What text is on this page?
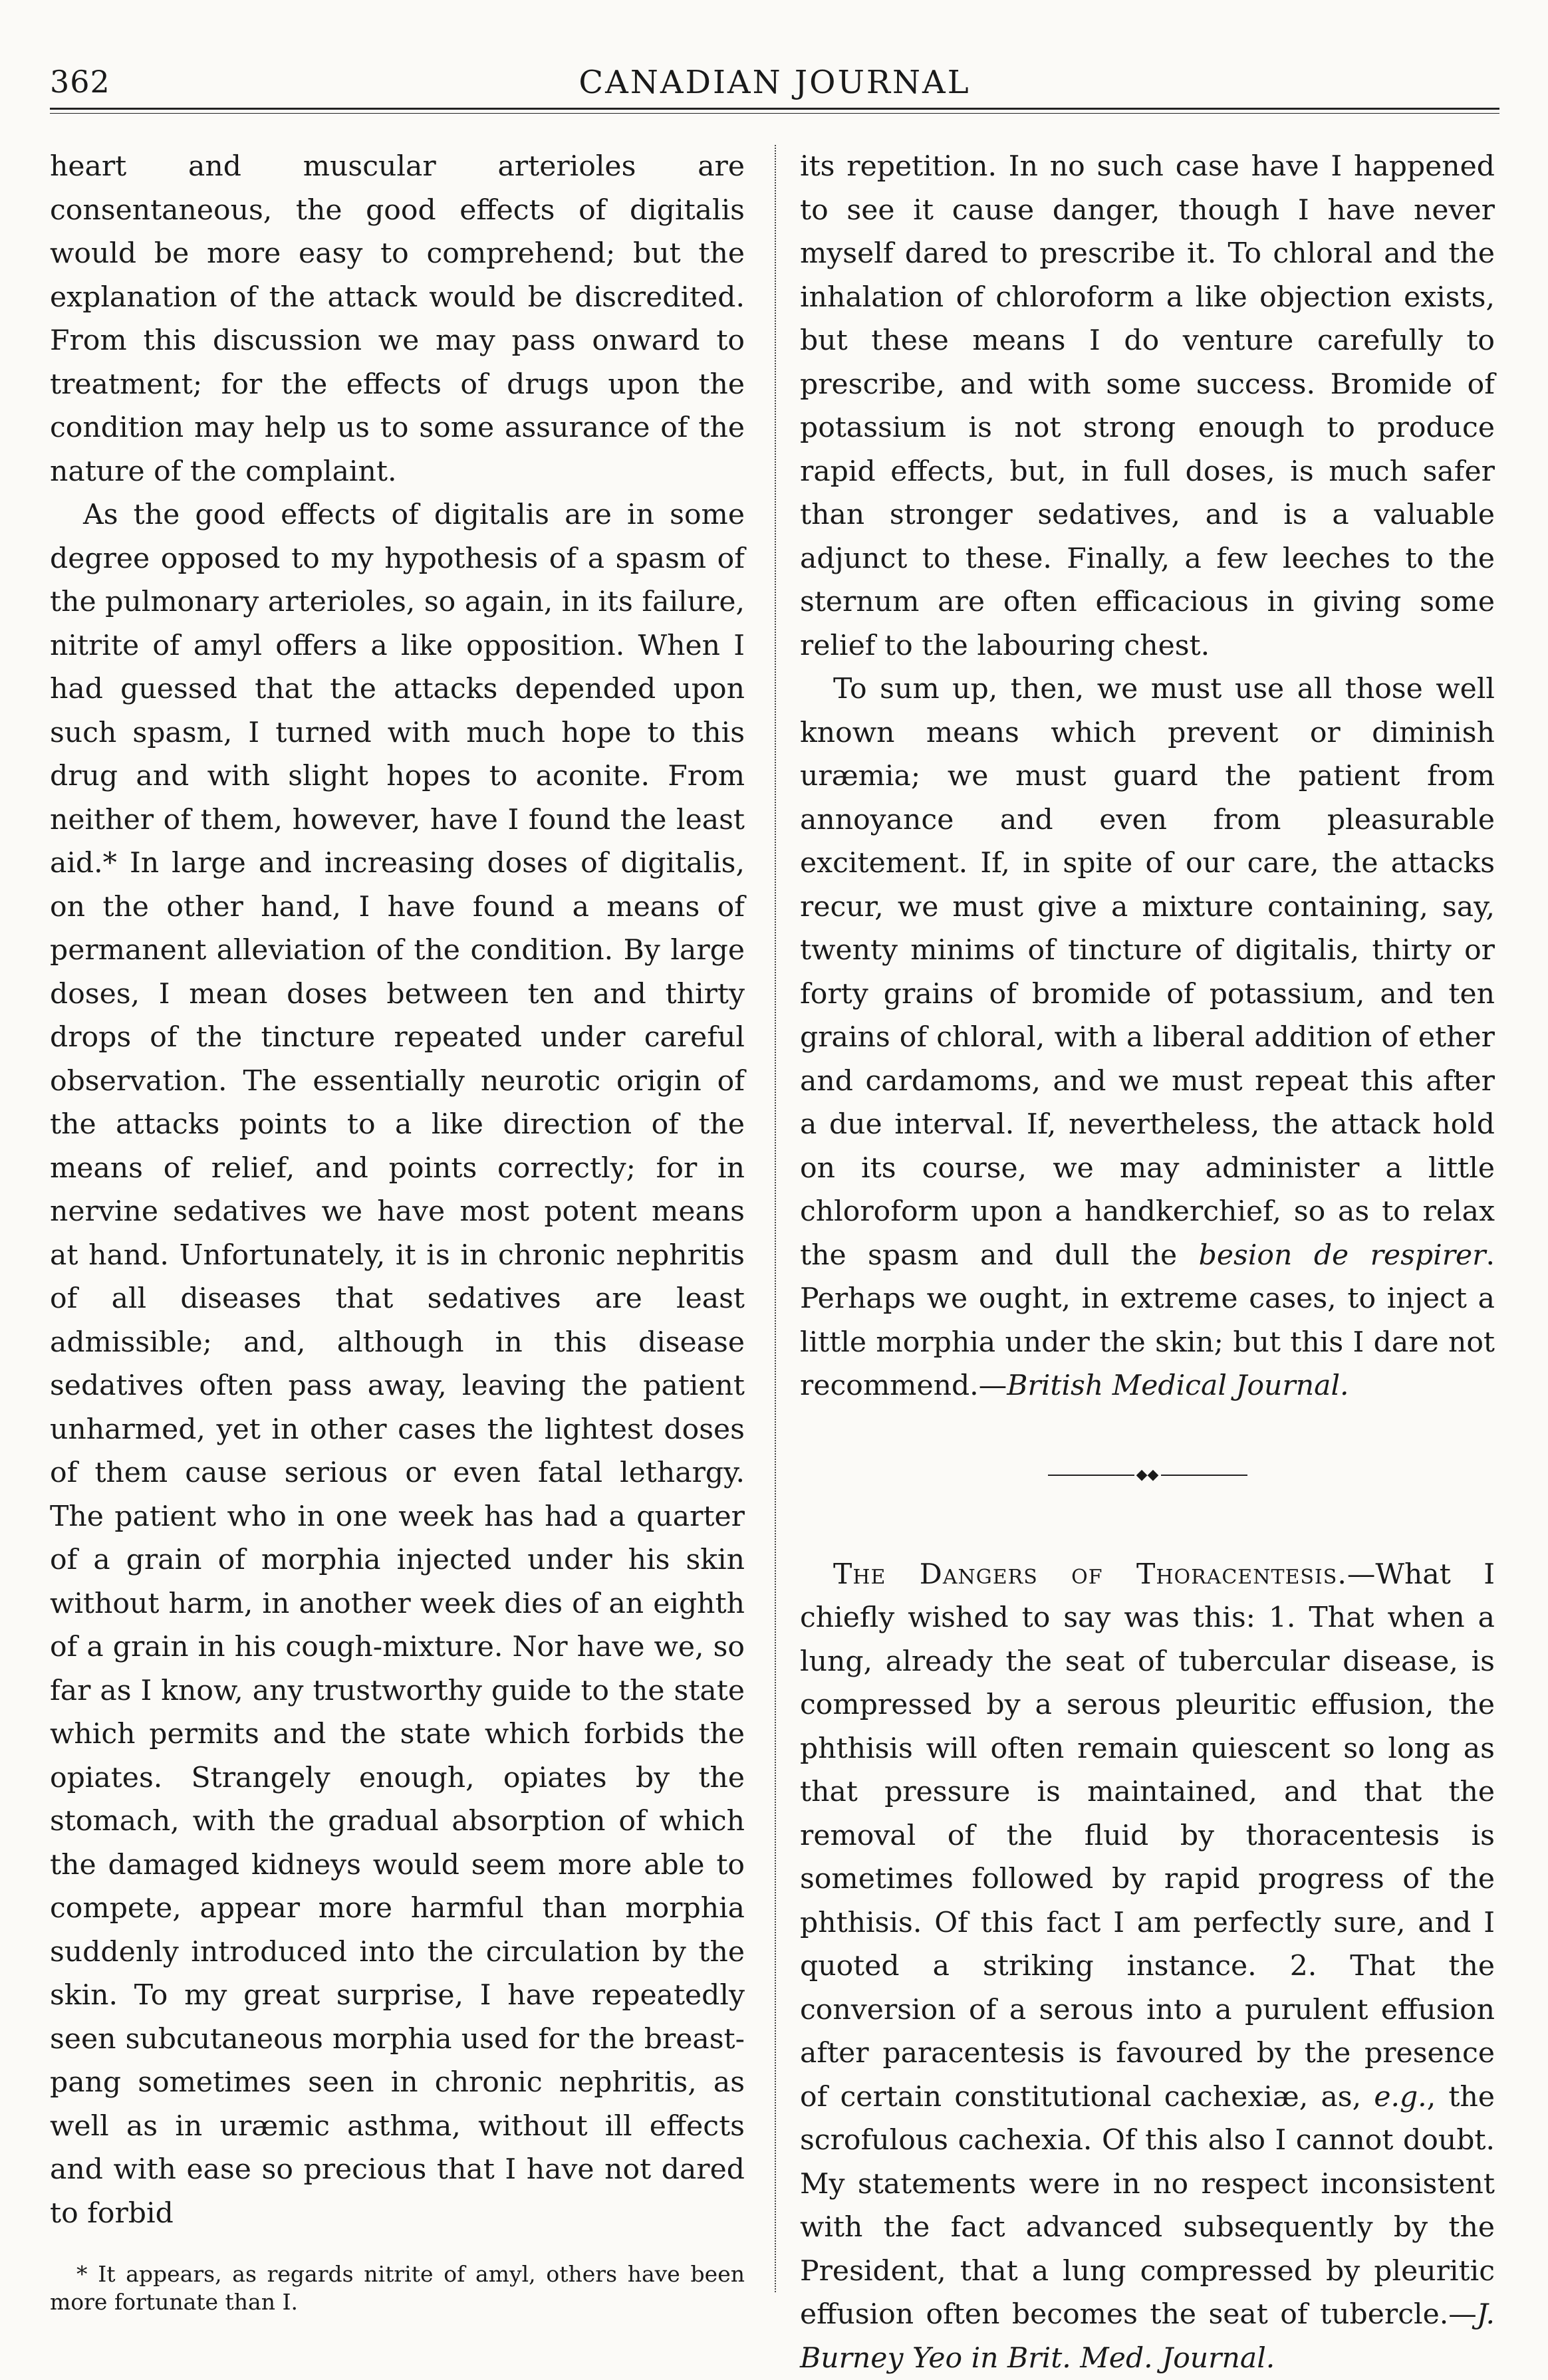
362	CANADIAN JOURNAL

heart and muscular arterioles are consentaneous, the good effects of digitalis would be more easy to comprehend; but the explanation of the attack would be discredited. From this discussion we may pass onward to treatment; for the effects of drugs upon the condition may help us to some assurance of the nature of the complaint.

As the good effects of digitalis are in some degree opposed to my hypothesis of a spasm of the pulmonary arterioles, so again, in its failure, nitrite of amyl offers a like opposition. When I had guessed that the attacks depended upon such spasm, I turned with much hope to this drug and with slight hopes to aconite. From neither of them, however, have I found the least aid.* In large and increasing doses of digitalis, on the other hand, I have found a means of permanent alleviation of the condition. By large doses, I mean doses between ten and thirty drops of the tincture repeated under careful observation. The essentially neurotic origin of the attacks points to a like direction of the means of relief, and points correctly; for in nervine sedatives we have most potent means at hand. Unfortunately, it is in chronic nephritis of all diseases that sedatives are least admissible; and, although in this disease sedatives often pass away, leaving the patient unharmed, yet in other cases the lightest doses of them cause serious or even fatal lethargy. The patient who in one week has had a quarter of a grain of morphia injected under his skin without harm, in another week dies of an eighth of a grain in his cough-mixture. Nor have we, so far as I know, any trustworthy guide to the state which permits and the state which forbids the opiates. Strangely enough, opiates by the stomach, with the gradual absorption of which the damaged kidneys would seem more able to compete, appear more harmful than morphia suddenly introduced into the circulation by the skin. To my great surprise, I have repeatedly seen subcutaneous morphia used for the breast-pang sometimes seen in chronic nephritis, as well as in uræmic asthma, without ill effects and with ease so precious that I have not dared to forbid

* It appears, as regards nitrite of amyl, others have been more fortunate than I.

its repetition. In no such case have I happened to see it cause danger, though I have never myself dared to prescribe it. To chloral and the inhalation of chloroform a like objection exists, but these means I do venture carefully to prescribe, and with some success. Bromide of potassium is not strong enough to produce rapid effects, but, in full doses, is much safer than stronger sedatives, and is a valuable adjunct to these. Finally, a few leeches to the sternum are often efficacious in giving some relief to the labouring chest.

To sum up, then, we must use all those well known means which prevent or diminish uræmia; we must guard the patient from annoyance and even from pleasurable excitement. If, in spite of our care, the attacks recur, we must give a mixture containing, say, twenty minims of tincture of digitalis, thirty or forty grains of bromide of potassium, and ten grains of chloral, with a liberal addition of ether and cardamoms, and we must repeat this after a due interval. If, nevertheless, the attack hold on its course, we may administer a little chloroform upon a handkerchief, so as to relax the spasm and dull the besion de respirer. Perhaps we ought, in extreme cases, to inject a little morphia under the skin; but this I dare not recommend.—British Medical Journal.

◆◆

The Dangers of Thoracentesis.—What I chiefly wished to say was this: 1. That when a lung, already the seat of tubercular disease, is compressed by a serous pleuritic effusion, the phthisis will often remain quiescent so long as that pressure is maintained, and that the removal of the fluid by thoracentesis is sometimes followed by rapid progress of the phthisis. Of this fact I am perfectly sure, and I quoted a striking instance. 2. That the conversion of a serous into a purulent effusion after paracentesis is favoured by the presence of certain constitutional cachexiæ, as, e.g., the scrofulous cachexia. Of this also I cannot doubt. My statements were in no respect inconsistent with the fact advanced subsequently by the President, that a lung compressed by pleuritic effusion often becomes the seat of tubercle.—J. Burney Yeo in Brit. Med. Journal.
